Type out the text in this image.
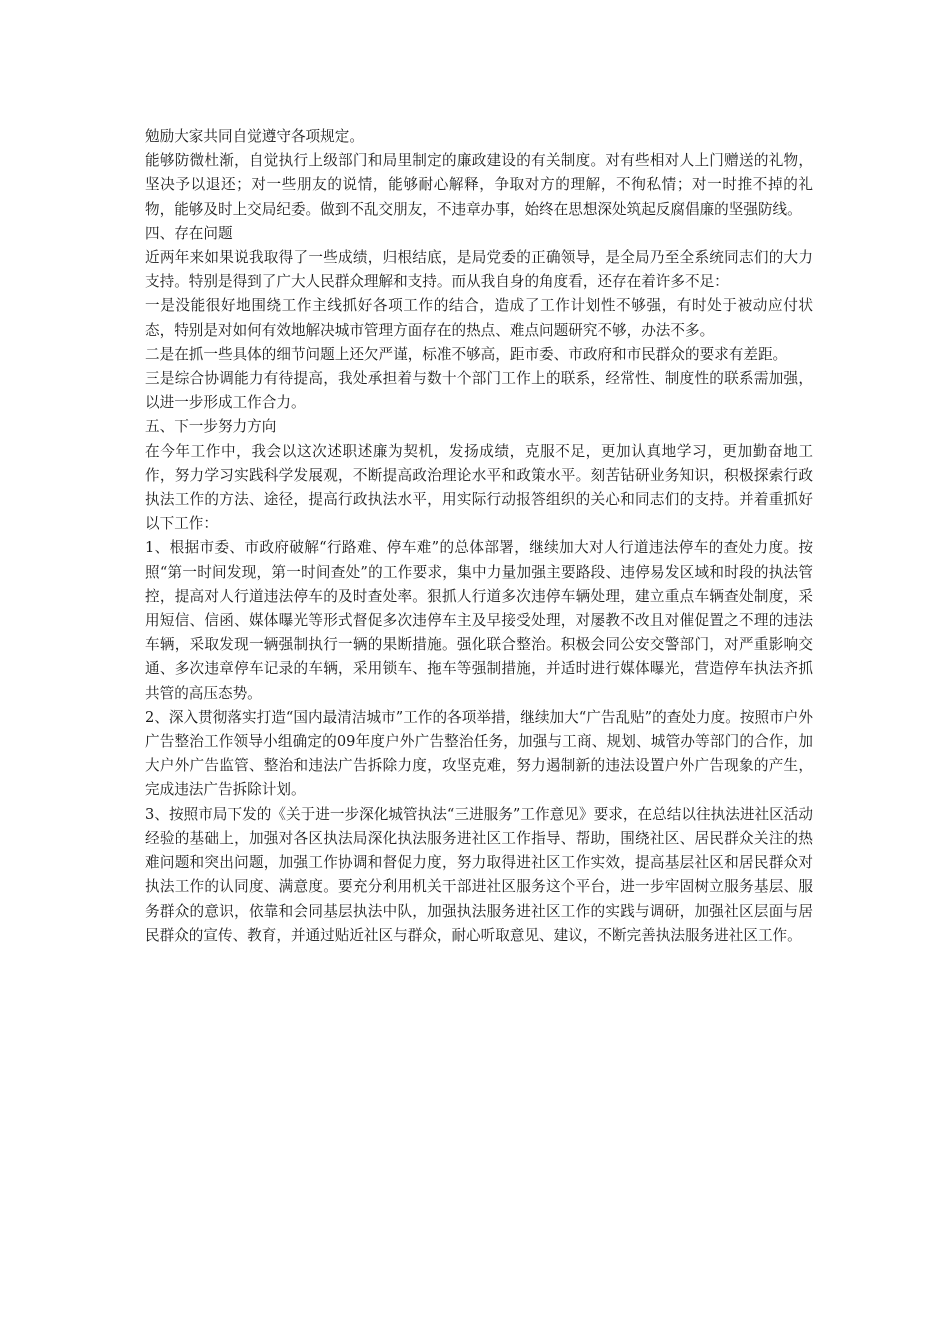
勉励大家共同自觉遵守各项规定。

能够防微杜渐，自觉执行上级部门和局里制定的廉政建设的有关制度。对有些相对人上门赠送的礼物，坚决予以退还；对一些朋友的说情，能够耐心解释，争取对方的理解，不徇私情；对一时推不掉的礼物，能够及时上交局纪委。做到不乱交朋友，不违章办事，始终在思想深处筑起反腐倡廉的坚强防线。

四、存在问题

近两年来如果说我取得了一些成绩，归根结底，是局党委的正确领导，是全局乃至全系统同志们的大力支持。特别是得到了广大人民群众理解和支持。而从我自身的角度看，还存在着许多不足：

一是没能很好地围绕工作主线抓好各项工作的结合，造成了工作计划性不够强，有时处于被动应付状态，特别是对如何有效地解决城市管理方面存在的热点、难点问题研究不够，办法不多。

二是在抓一些具体的细节问题上还欠严谨，标准不够高，距市委、市政府和市民群众的要求有差距。

三是综合协调能力有待提高，我处承担着与数十个部门工作上的联系，经常性、制度性的联系需加强，以进一步形成工作合力。

五、下一步努力方向

在今年工作中，我会以这次述职述廉为契机，发扬成绩，克服不足，更加认真地学习，更加勤奋地工作，努力学习实践科学发展观，不断提高政治理论水平和政策水平。刻苦钻研业务知识，积极探索行政执法工作的方法、途径，提高行政执法水平，用实际行动报答组织的关心和同志们的支持。并着重抓好以下工作：

1、根据市委、市政府破解“行路难、停车难”的总体部署，继续加大对人行道违法停车的查处力度。按照“第一时间发现，第一时间查处”的工作要求，集中力量加强主要路段、违停易发区域和时段的执法管控，提高对人行道违法停车的及时查处率。狠抓人行道多次违停车辆处理，建立重点车辆查处制度，采用短信、信函、媒体曝光等形式督促多次违停车主及早接受处理，对屡教不改且对催促置之不理的违法车辆，采取发现一辆强制执行一辆的果断措施。强化联合整治。积极会同公安交警部门，对严重影响交通、多次违章停车记录的车辆，采用锁车、拖车等强制措施，并适时进行媒体曝光，营造停车执法齐抓共管的高压态势。

2、深入贯彻落实打造“国内最清洁城市”工作的各项举措，继续加大“广告乱贴”的查处力度。按照市户外广告整治工作领导小组确定的09年度户外广告整治任务，加强与工商、规划、城管办等部门的合作，加大户外广告监管、整治和违法广告拆除力度，攻坚克难，努力遏制新的违法设置户外广告现象的产生，完成违法广告拆除计划。

3、按照市局下发的《关于进一步深化城管执法“三进服务”工作意见》要求，在总结以往执法进社区活动经验的基础上，加强对各区执法局深化执法服务进社区工作指导、帮助，围绕社区、居民群众关注的热难问题和突出问题，加强工作协调和督促力度，努力取得进社区工作实效，提高基层社区和居民群众对执法工作的认同度、满意度。要充分利用机关干部进社区服务这个平台，进一步牢固树立服务基层、服务群众的意识，依靠和会同基层执法中队，加强执法服务进社区工作的实践与调研，加强社区层面与居民群众的宣传、教育，并通过贴近社区与群众，耐心听取意见、建议，不断完善执法服务进社区工作。
